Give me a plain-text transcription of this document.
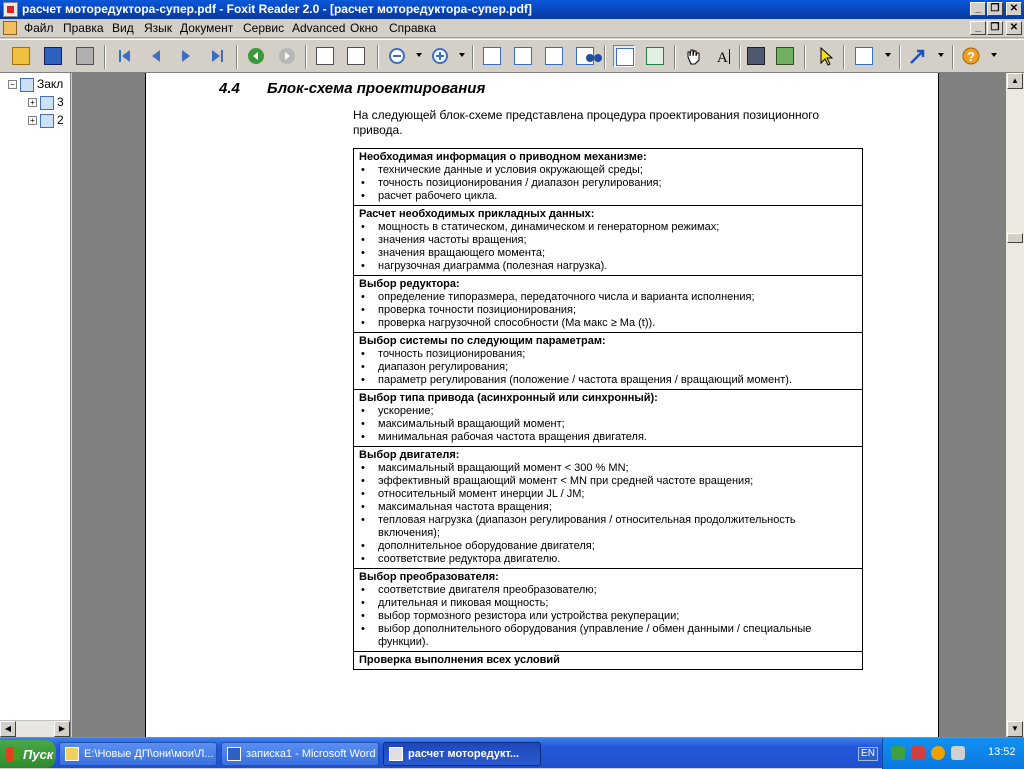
расчет моторедуктора-супер.pdf - Foxit Reader 2.0 - [расчет моторедуктора-супер.pdf]	_ ❐	✕
Файл Правка Вид Язык Документ Сервис Advanced Окно Справка	_ ❐	✕
A	?
− Закл
+ 3
+ 2
◀	▶
4.4 Блок-схема проектирования
На следующей блок-схеме представлена процедура проектирования позиционного привода.
Необходимая информация о приводном механизме:
• технические данные и условия окружающей среды;
• точность позиционирования / диапазон регулирования;
• расчет рабочего цикла.
Расчет необходимых прикладных данных:
• мощность в статическом, динамическом и генераторном режимах;
• значения частоты вращения;
• значения вращающего момента;
• нагрузочная диаграмма (полезная нагрузка).
Выбор редуктора:
• определение типоразмера, передаточного числа и варианта исполнения;
• проверка точности позиционирования;
• проверка нагрузочной способности (Mа макс ≥ Mа (t)).
Выбор системы по следующим параметрам:
• точность позиционирования;
• диапазон регулирования;
• параметр регулирования (положение / частота вращения / вращающий момент).
Выбор типа привода (асинхронный или синхронный):
• ускорение;
• максимальный вращающий момент;
• минимальная рабочая частота вращения двигателя.
Выбор двигателя:
• максимальный вращающий момент < 300 % MN;
• эффективный вращающий момент < MN при средней частоте вращения;
• относительный момент инерции JL / JM;
• максимальная частота вращения;
• тепловая нагрузка (диапазон регулирования / относительная продолжительность включения);
• дополнительное оборудование двигателя;
• соответствие редуктора двигателю.
Выбор преобразователя:
• соответствие двигателя преобразователю;
• длительная и пиковая мощность;
• выбор тормозного резистора или устройства рекуперации;
• выбор дополнительного оборудования (управление / обмен данными / специальные функции).
Проверка выполнения всех условий
▲
▼
Пуск	E:\Новые ДП\они\мои\Л...	записка1 - Microsoft Word	расчет моторедукт...	EN	13:52
